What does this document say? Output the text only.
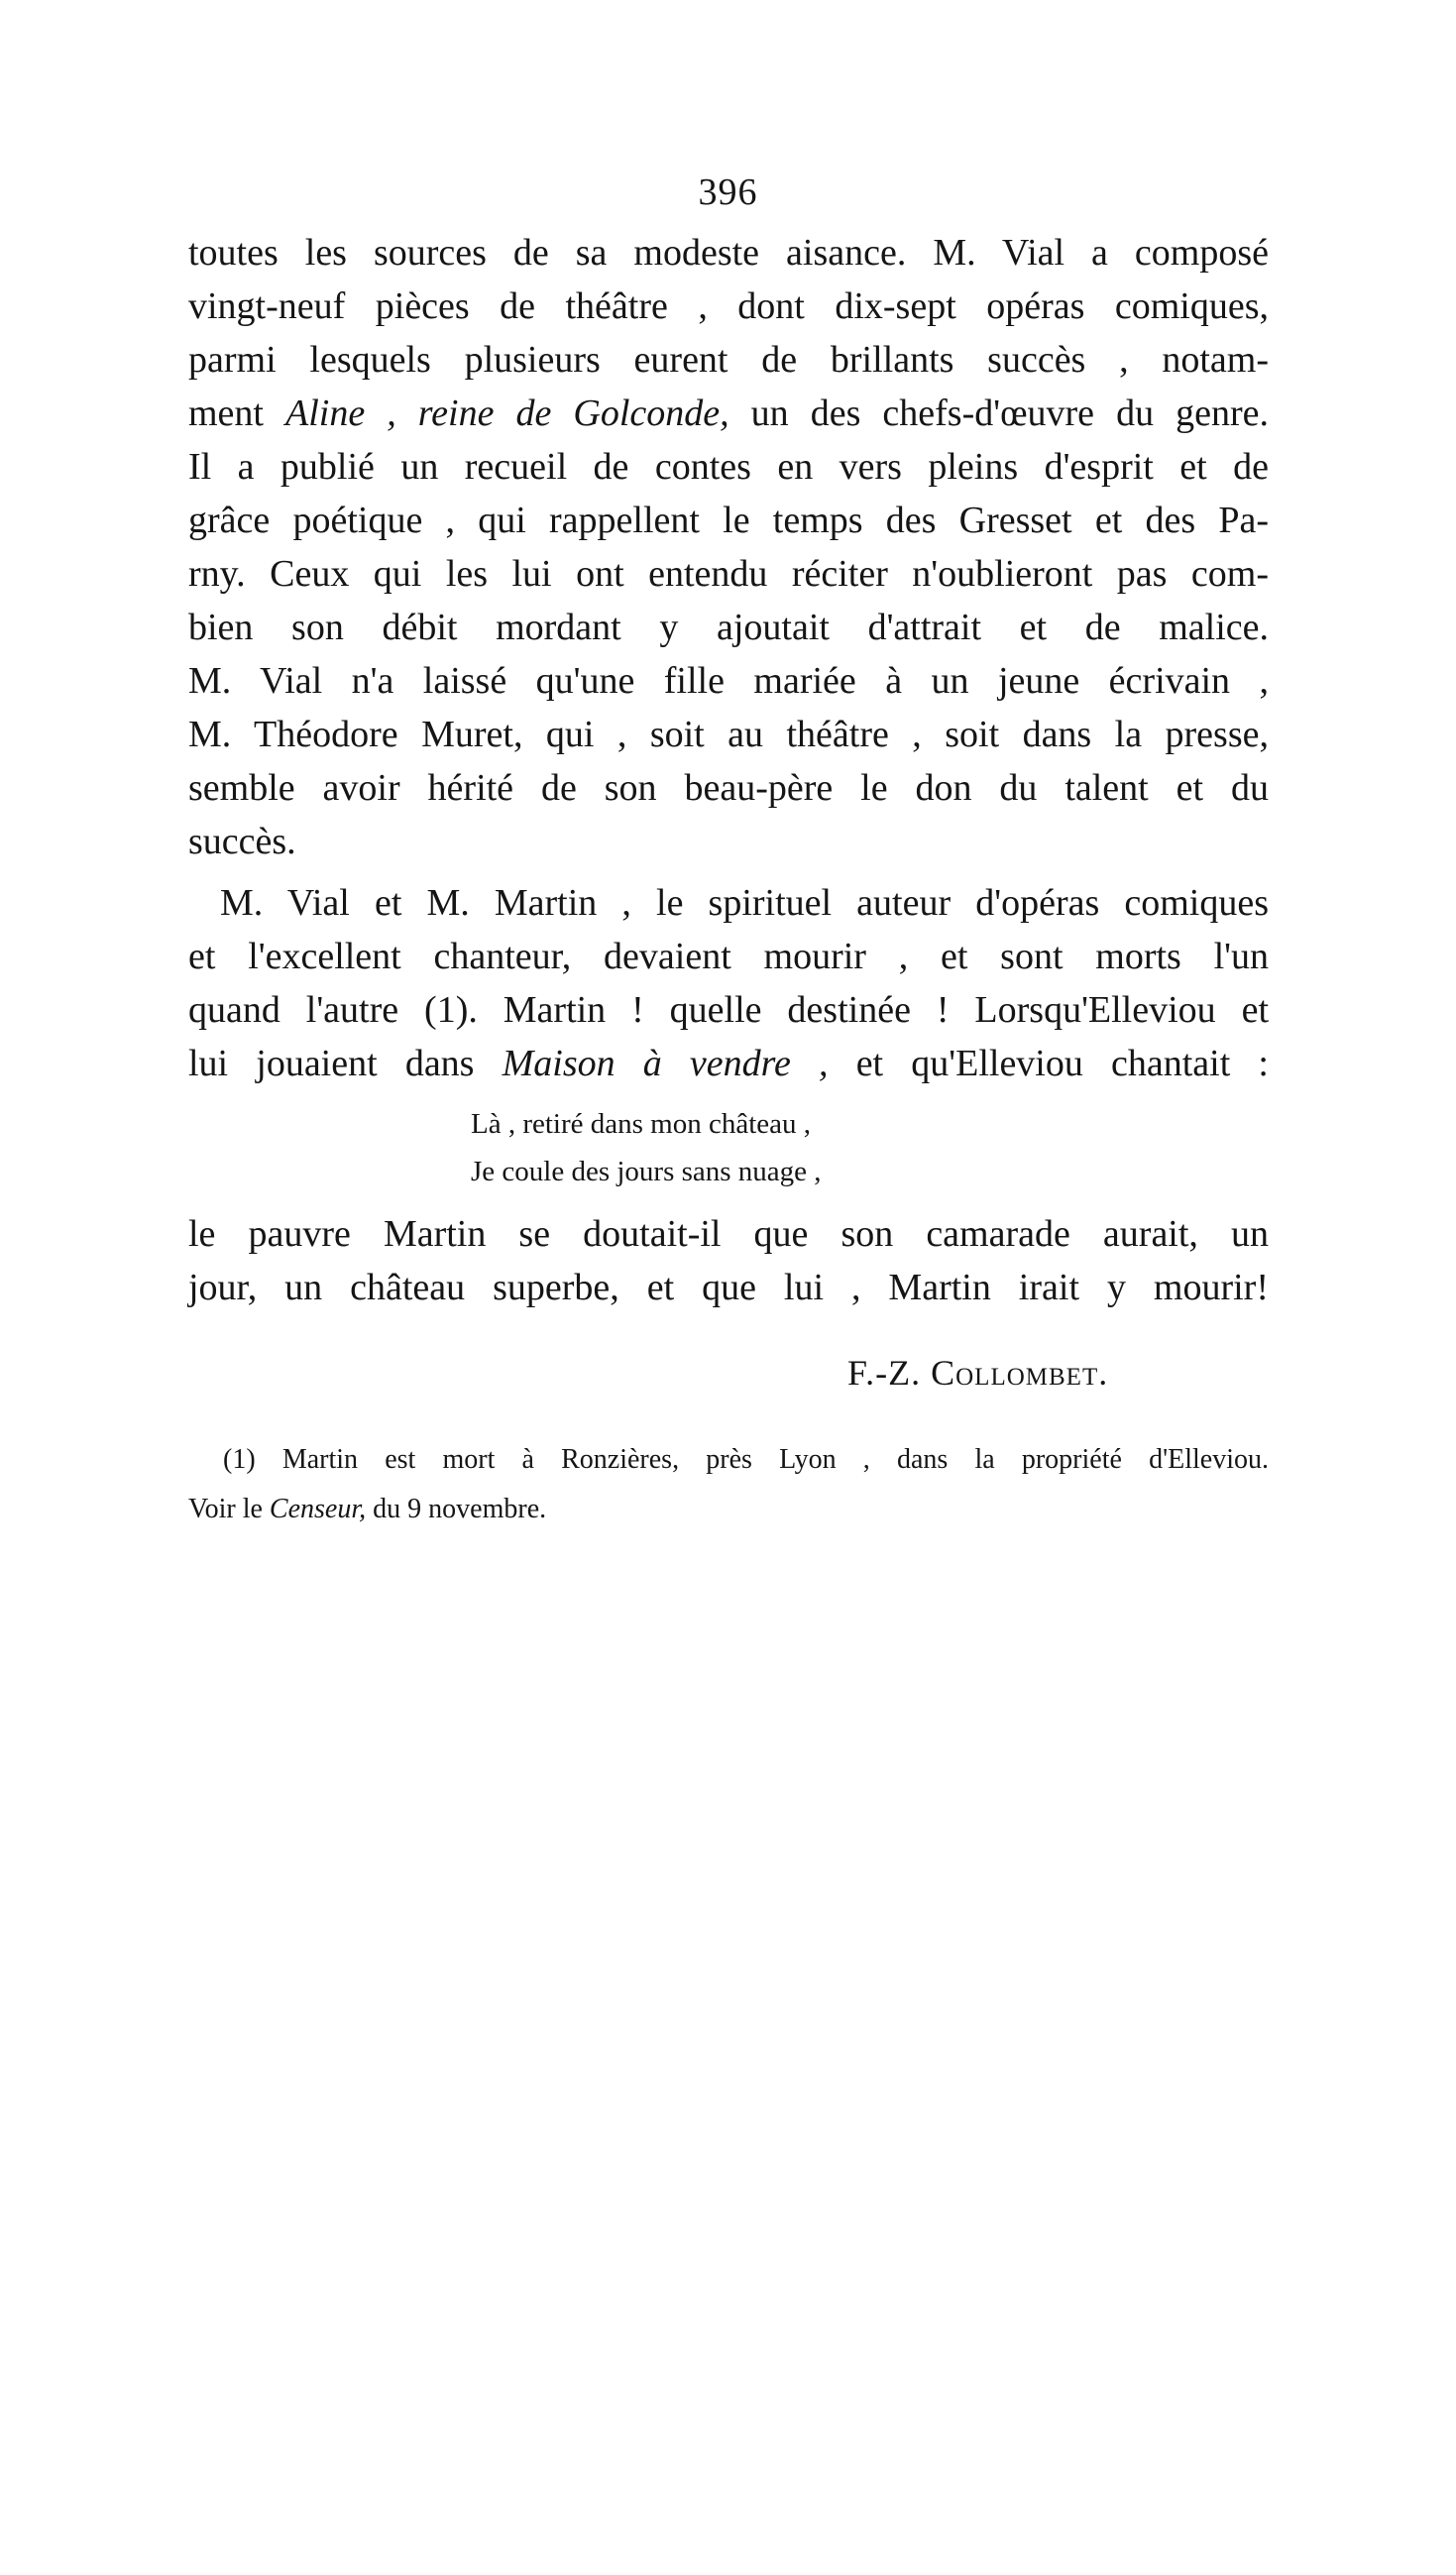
396
toutes les sources de sa modeste aisance. M. Vial a composé
vingt-neuf pièces de théâtre , dont dix-sept opéras comiques,
parmi lesquels plusieurs eurent de brillants succès , notam-
ment Aline , reine de Golconde, un des chefs-d'œuvre du genre.
Il a publié un recueil de contes en vers pleins d'esprit et de
grâce poétique , qui rappellent le temps des Gresset et des Pa-
rny. Ceux qui les lui ont entendu réciter n'oublieront pas com-
bien son débit mordant y ajoutait d'attrait et de malice.
M. Vial n'a laissé qu'une fille mariée à un jeune écrivain ,
M. Théodore Muret, qui , soit au théâtre , soit dans la presse,
semble avoir hérité de son beau-père le don du talent et du
succès.
M. Vial et M. Martin , le spirituel auteur d'opéras comiques
et l'excellent chanteur, devaient mourir , et sont morts l'un
quand l'autre (1). Martin ! quelle destinée ! Lorsqu'Elleviou et
lui jouaient dans Maison à vendre , et qu'Elleviou chantait :
Là , retiré dans mon château ,
Je coule des jours sans nuage ,
le pauvre Martin se doutait-il que son camarade aurait, un
jour, un château superbe, et que lui , Martin irait y mourir!
F.-Z. Collombet.
(1) Martin est mort à Ronzières, près Lyon , dans la propriété d'Elleviou.
Voir le Censeur, du 9 novembre.
